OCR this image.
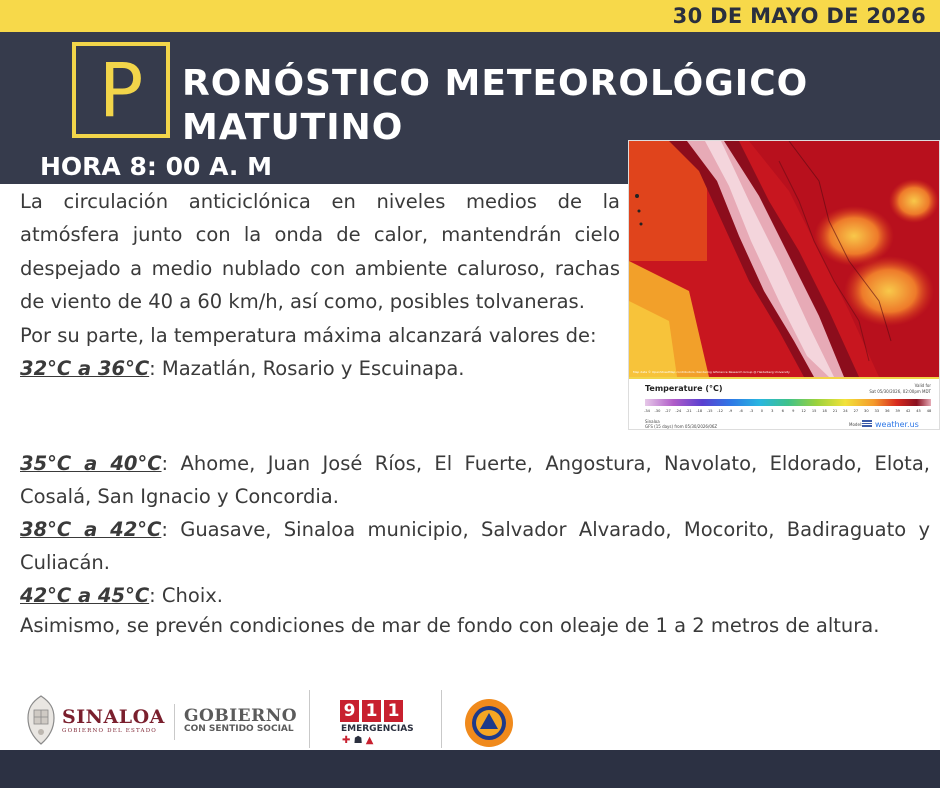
30 DE MAYO DE 2026
P	RONÓSTICO METEOROLÓGICO
MATUTINO
HORA 8: 00 A. M
Temperature (°C)	Valid for
Sat 05/30/2026, 02:00pm MDT
-34 -30 -27 -24 -21 -18 -15 -12 -9 -6 -3 0 3 6 9 12 15 18 21 24 27 30 33 36 39 42 45 48
Sinaloa
GFS (15 days) from 05/30/2026/06Z	Model: weather.us
Map data © OpenStreetMap contributors, Rendering GIScience Research Group @ Heidelberg University

La circulación anticiclónica en niveles medios de la atmósfera junto con la onda de calor, mantendrán cielo despejado a medio nublado con ambiente caluroso, rachas de viento de 40 a 60 km/h, así como, posibles tolvaneras.

Por su parte, la temperatura máxima alcanzará valores de:

32°C a 36°C: Mazatlán, Rosario y Escuinapa.

35°C a 40°C: Ahome, Juan José Ríos, El Fuerte, Angostura, Navolato, Eldorado, Elota, Cosalá, San Ignacio y Concordia.
38°C a 42°C: Guasave, Sinaloa municipio, Salvador Alvarado, Mocorito, Badiraguato y Culiacán.
42°C a 45°C: Choix.
Asimismo, se prevén condiciones de mar de fondo con oleaje de 1 a 2 metros de altura.
SINALOA
GOBIERNO DEL ESTADO
GOBIERNO
CON SENTIDO SOCIAL
9 1 1
EMERGENCIAS
✚ ☗ ▲
